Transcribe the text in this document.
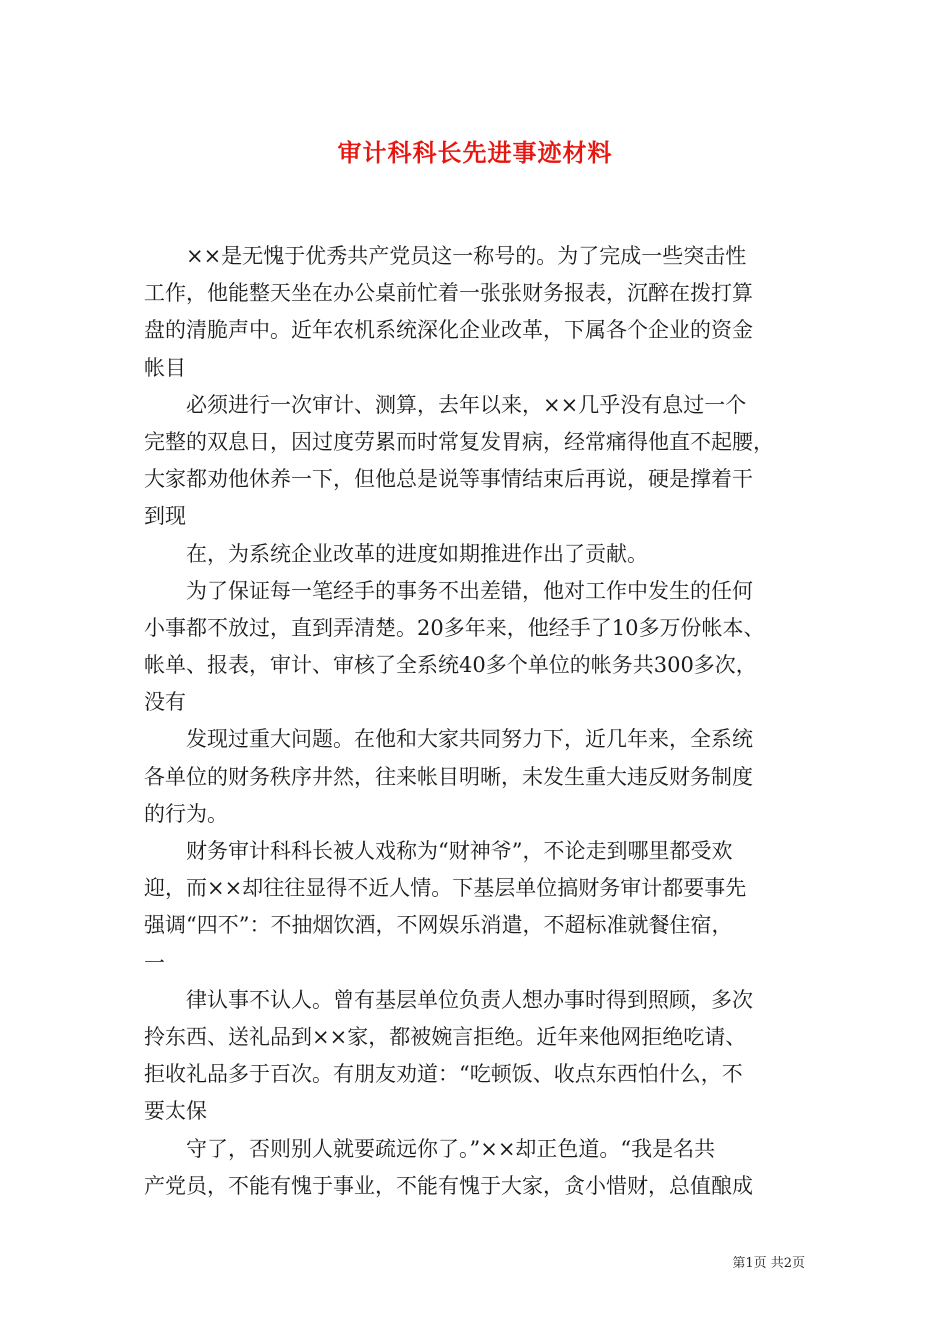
审计科科长先进事迹材料
××是无愧于优秀共产党员这一称号的。为了完成一些突击性
工作，他能整天坐在办公桌前忙着一张张财务报表，沉醉在拨打算
盘的清脆声中。近年农机系统深化企业改革，下属各个企业的资金
帐目
必须进行一次审计、测算，去年以来，××几乎没有息过一个
完整的双息日，因过度劳累而时常复发胃病，经常痛得他直不起腰，
大家都劝他休养一下，但他总是说等事情结束后再说，硬是撑着干
到现
在，为系统企业改革的进度如期推进作出了贡献。
为了保证每一笔经手的事务不出差错，他对工作中发生的任何
小事都不放过，直到弄清楚。20多年来，他经手了10多万份帐本、
帐单、报表，审计、审核了全系统40多个单位的帐务共300多次，
没有
发现过重大问题。在他和大家共同努力下，近几年来，全系统
各单位的财务秩序井然，往来帐目明晰，未发生重大违反财务制度
的行为。
财务审计科科长被人戏称为“财神爷”，不论走到哪里都受欢
迎，而××却往往显得不近人情。下基层单位搞财务审计都要事先
强调“四不”：不抽烟饮酒，不网娱乐消遣，不超标准就餐住宿，
一
律认事不认人。曾有基层单位负责人想办事时得到照顾，多次
拎东西、送礼品到××家，都被婉言拒绝。近年来他网拒绝吃请、
拒收礼品多于百次。有朋友劝道：“吃顿饭、收点东西怕什么，不
要太保
守了，否则别人就要疏远你了。”××却正色道。“我是名共
产党员，不能有愧于事业，不能有愧于大家，贪小惜财，总值酿成
第1页 共2页
